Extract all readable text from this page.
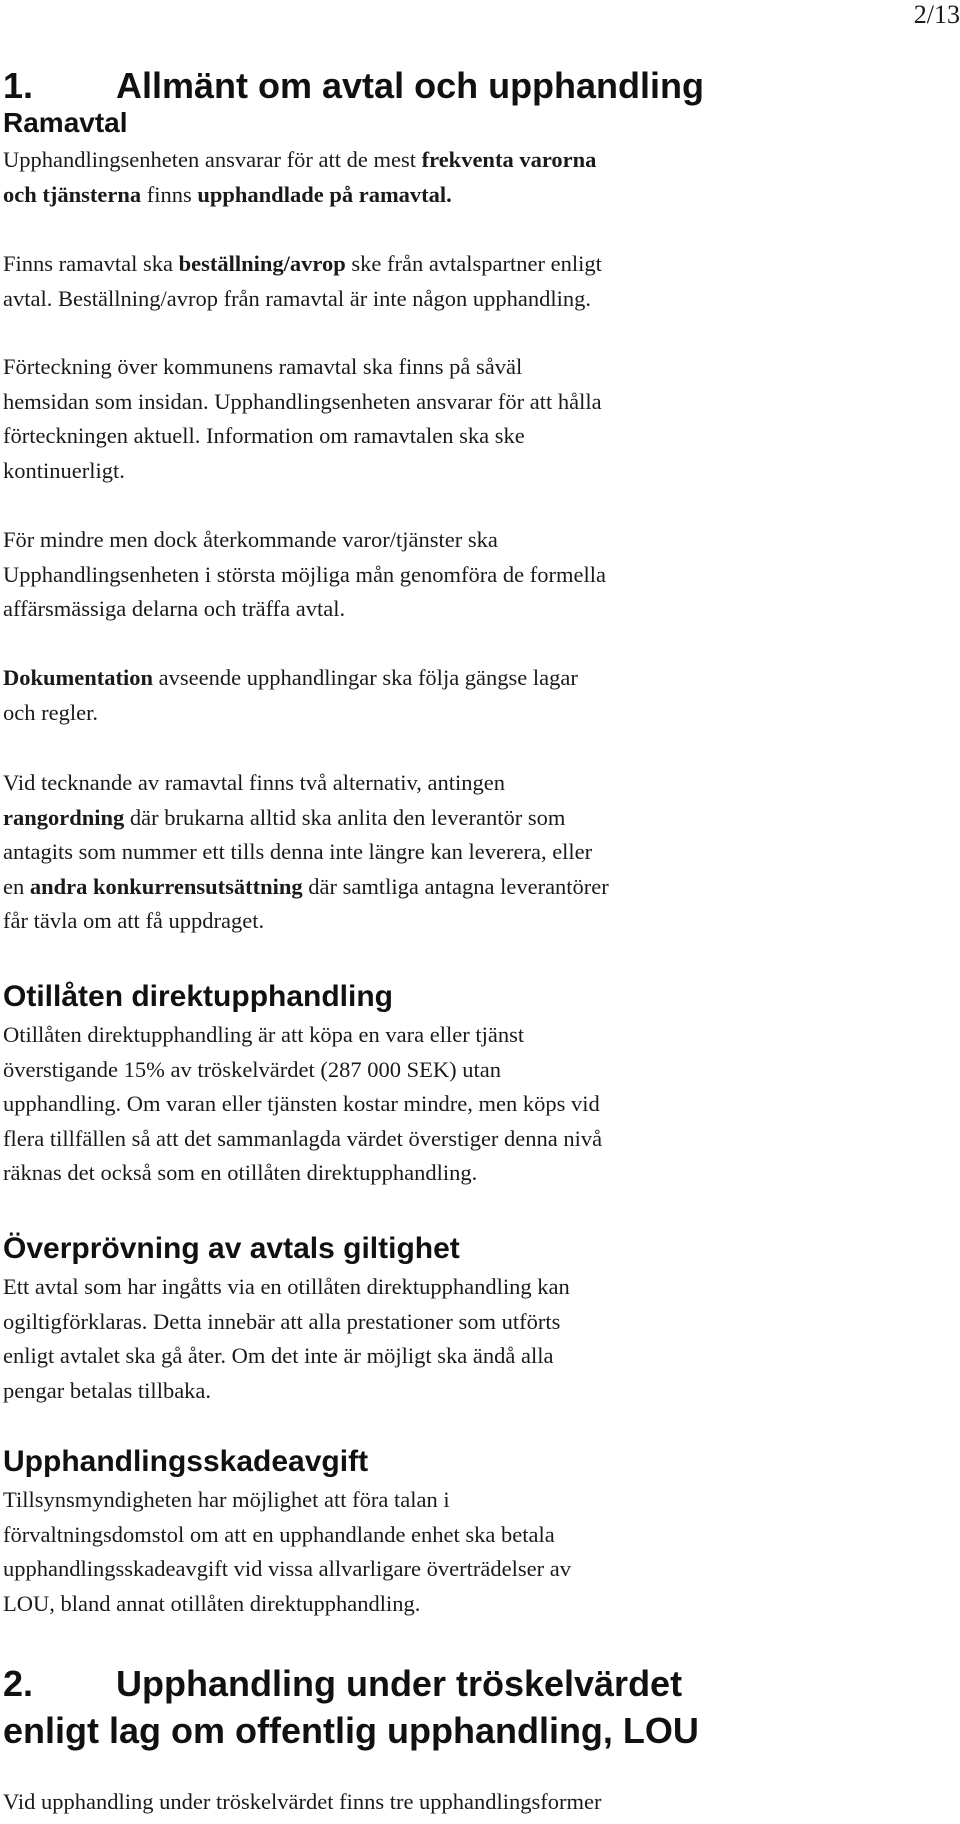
2/13
1. Allmänt om avtal och upphandling
Ramavtal
Upphandlingsenheten ansvarar för att de mest frekventa varorna
och tjänsterna finns upphandlade på ramavtal.
Finns ramavtal ska beställning/avrop ske från avtalspartner enligt
avtal. Beställning/avrop från ramavtal är inte någon upphandling.
Förteckning över kommunens ramavtal ska finns på såväl
hemsidan som insidan. Upphandlingsenheten ansvarar för att hålla
förteckningen aktuell. Information om ramavtalen ska ske
kontinuerligt.
För mindre men dock återkommande varor/tjänster ska
Upphandlingsenheten i största möjliga mån genomföra de formella
affärsmässiga delarna och träffa avtal.
Dokumentation avseende upphandlingar ska följa gängse lagar
och regler.
Vid tecknande av ramavtal finns två alternativ, antingen
rangordning där brukarna alltid ska anlita den leverantör som
antagits som nummer ett tills denna inte längre kan leverera, eller
en andra konkurrensutsättning där samtliga antagna leverantörer
får tävla om att få uppdraget.
Otillåten direktupphandling
Otillåten direktupphandling är att köpa en vara eller tjänst
överstigande 15% av tröskelvärdet (287 000 SEK) utan
upphandling. Om varan eller tjänsten kostar mindre, men köps vid
flera tillfällen så att det sammanlagda värdet överstiger denna nivå
räknas det också som en otillåten direktupphandling.
Överprövning av avtals giltighet
Ett avtal som har ingåtts via en otillåten direktupphandling kan
ogiltigförklaras. Detta innebär att alla prestationer som utförts
enligt avtalet ska gå åter. Om det inte är möjligt ska ändå alla
pengar betalas tillbaka.
Upphandlingsskadeavgift
Tillsynsmyndigheten har möjlighet att föra talan i
förvaltningsdomstol om att en upphandlande enhet ska betala
upphandlingsskadeavgift vid vissa allvarligare överträdelser av
LOU, bland annat otillåten direktupphandling.
2. Upphandling under tröskelvärdet
enligt lag om offentlig upphandling, LOU
Vid upphandling under tröskelvärdet finns tre upphandlingsformer
